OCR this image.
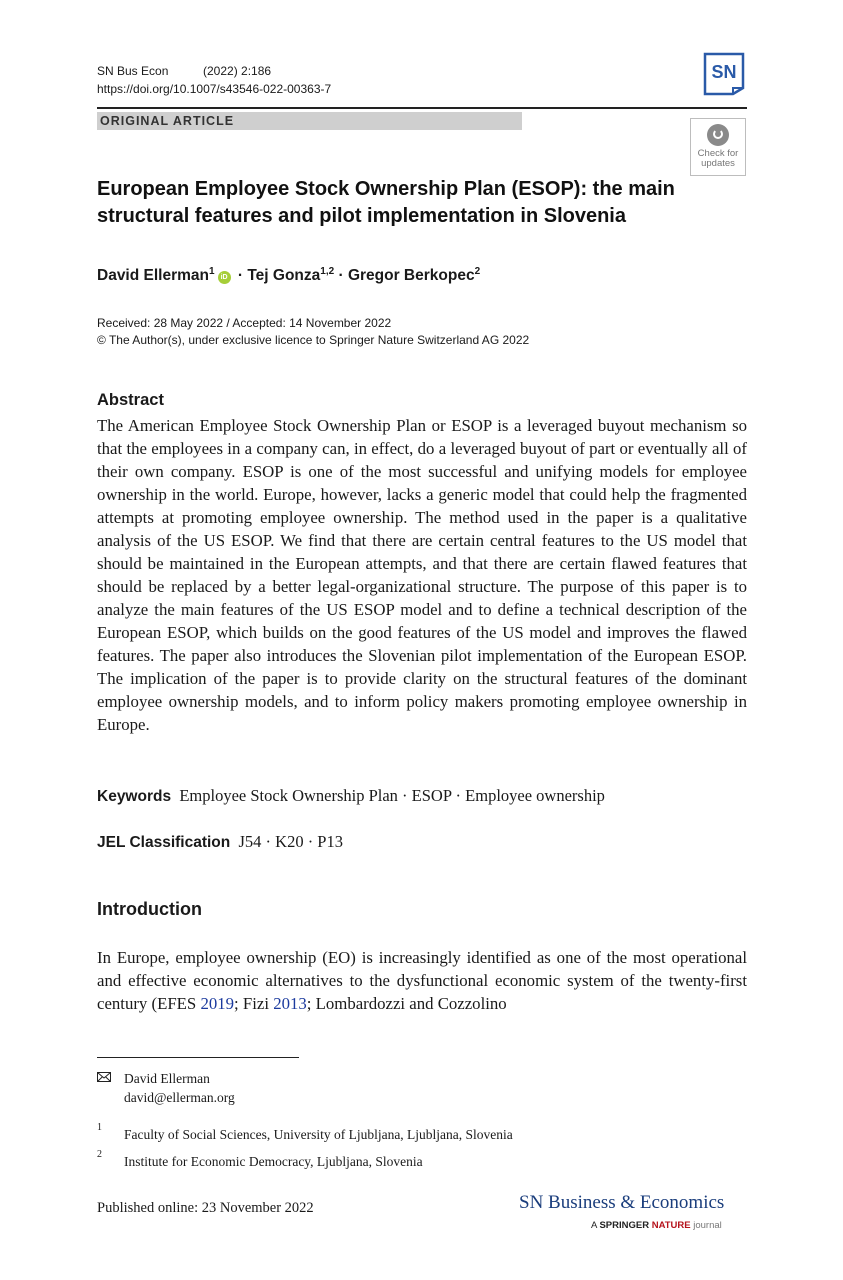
SN Bus Econ	(2022) 2:186
https://doi.org/10.1007/s43546-022-00363-7
SN
ORIGINAL ARTICLE
Check for updates
European Employee Stock Ownership Plan (ESOP): the main structural features and pilot implementation in Slovenia
David Ellerman$^1$iD · Tej Gonza$^{1,2}$ · Gregor Berkopec$^2$
Received: 28 May 2022 / Accepted: 14 November 2022
© The Author(s), under exclusive licence to Springer Nature Switzerland AG 2022
Abstract
The American Employee Stock Ownership Plan or ESOP is a leveraged buyout mechanism so that the employees in a company can, in effect, do a leveraged buyout of part or eventually all of their own company. ESOP is one of the most successful and unifying models for employee ownership in the world. Europe, however, lacks a generic model that could help the fragmented attempts at promoting employee ownership. The method used in the paper is a qualitative analysis of the US ESOP. We find that there are certain central features to the US model that should be maintained in the European attempts, and that there are certain flawed features that should be replaced by a better legal-organizational structure. The purpose of this paper is to analyze the main features of the US ESOP model and to define a technical description of the European ESOP, which builds on the good features of the US model and improves the flawed features. The paper also introduces the Slovenian pilot implementation of the European ESOP. The implication of the paper is to provide clarity on the structural features of the dominant employee ownership models, and to inform policy makers promoting employee ownership in Europe.
Keywords Employee Stock Ownership Plan · ESOP · Employee ownership
JEL Classification J54 · K20 · P13
Introduction
In Europe, employee ownership (EO) is increasingly identified as one of the most operational and effective economic alternatives to the dysfunctional economic system of the twenty-first century (EFES 2019; Fizi 2013; Lombardozzi and Cozzolino
David Ellerman
david@ellerman.org
1 Faculty of Social Sciences, University of Ljubljana, Ljubljana, Slovenia
2 Institute for Economic Democracy, Ljubljana, Slovenia
Published online: 23 November 2022	SN Business & Economics
A SPRINGER NATURE journal
